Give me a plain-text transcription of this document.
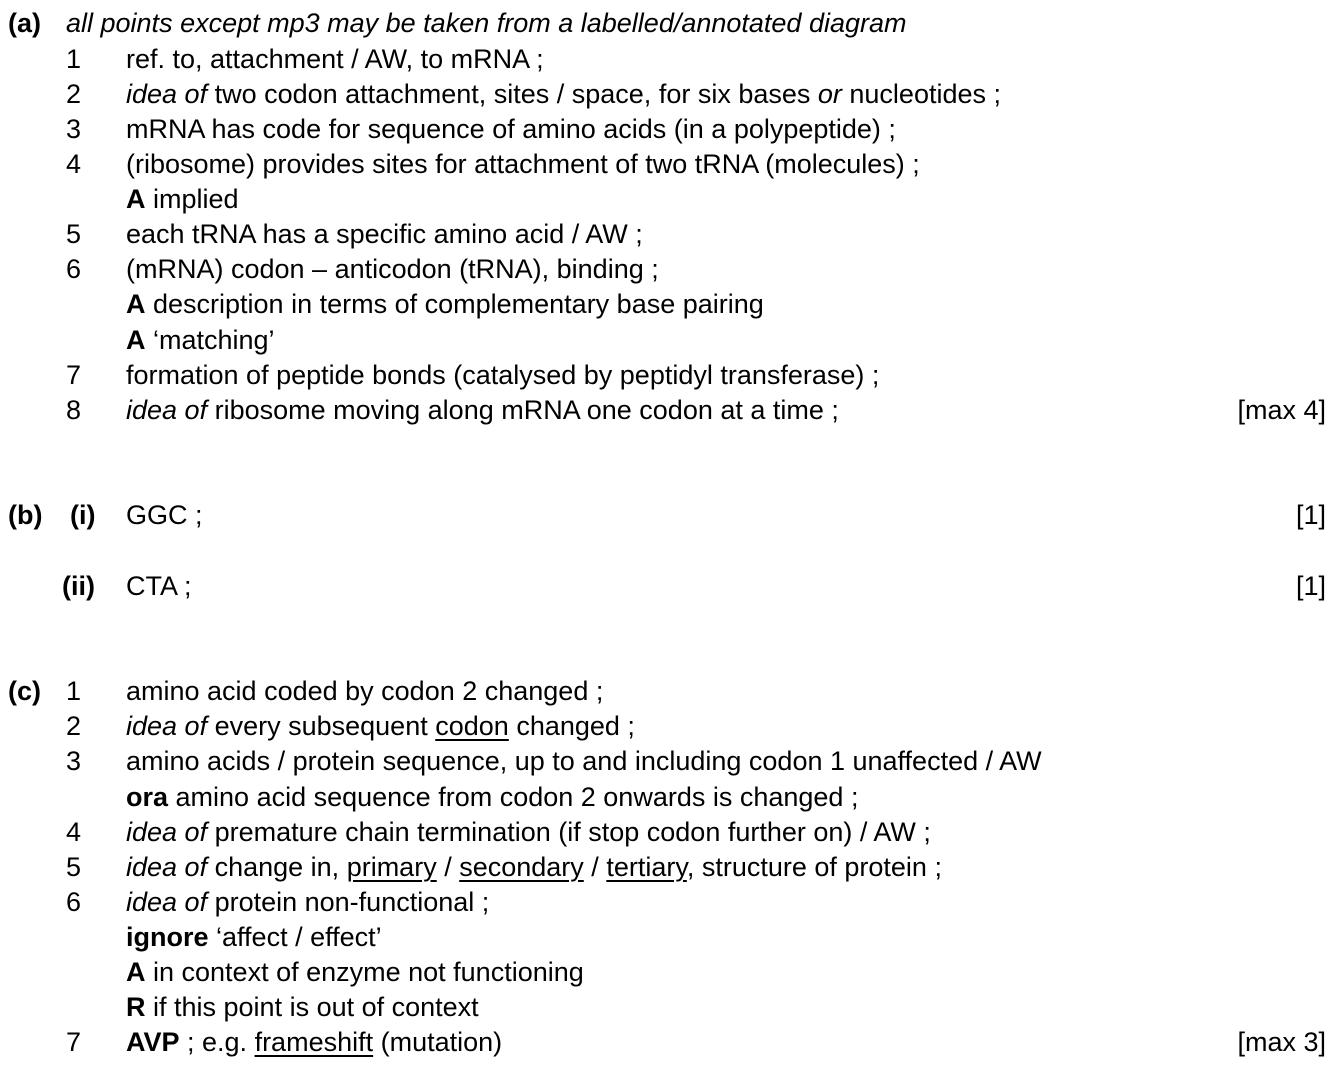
(a) all points except mp3 may be taken from a labelled/annotated diagram
1 ref. to, attachment / AW, to mRNA ;
2 idea of two codon attachment, sites / space, for six bases or nucleotides ;
3 mRNA has code for sequence of amino acids (in a polypeptide) ;
4 (ribosome) provides sites for attachment of two tRNA (molecules) ;
A implied
5 each tRNA has a specific amino acid / AW ;
6 (mRNA) codon – anticodon (tRNA), binding ;
A description in terms of complementary base pairing
A ‘matching’
7 formation of peptide bonds (catalysed by peptidyl transferase) ;
8 idea of ribosome moving along mRNA one codon at a time ;	[max 4]
(b) (i) GGC ;	[1]
(ii) CTA ;	[1]
(c) 1 amino acid coded by codon 2 changed ;
2 idea of every subsequent codon changed ;
3 amino acids / protein sequence, up to and including codon 1 unaffected / AW
ora amino acid sequence from codon 2 onwards is changed ;
4 idea of premature chain termination (if stop codon further on) / AW ;
5 idea of change in, primary / secondary / tertiary, structure of protein ;
6 idea of protein non-functional ;
ignore ‘affect / effect’
A in context of enzyme not functioning
R if this point is out of context
7 AVP ; e.g. frameshift (mutation)	[max 3]
